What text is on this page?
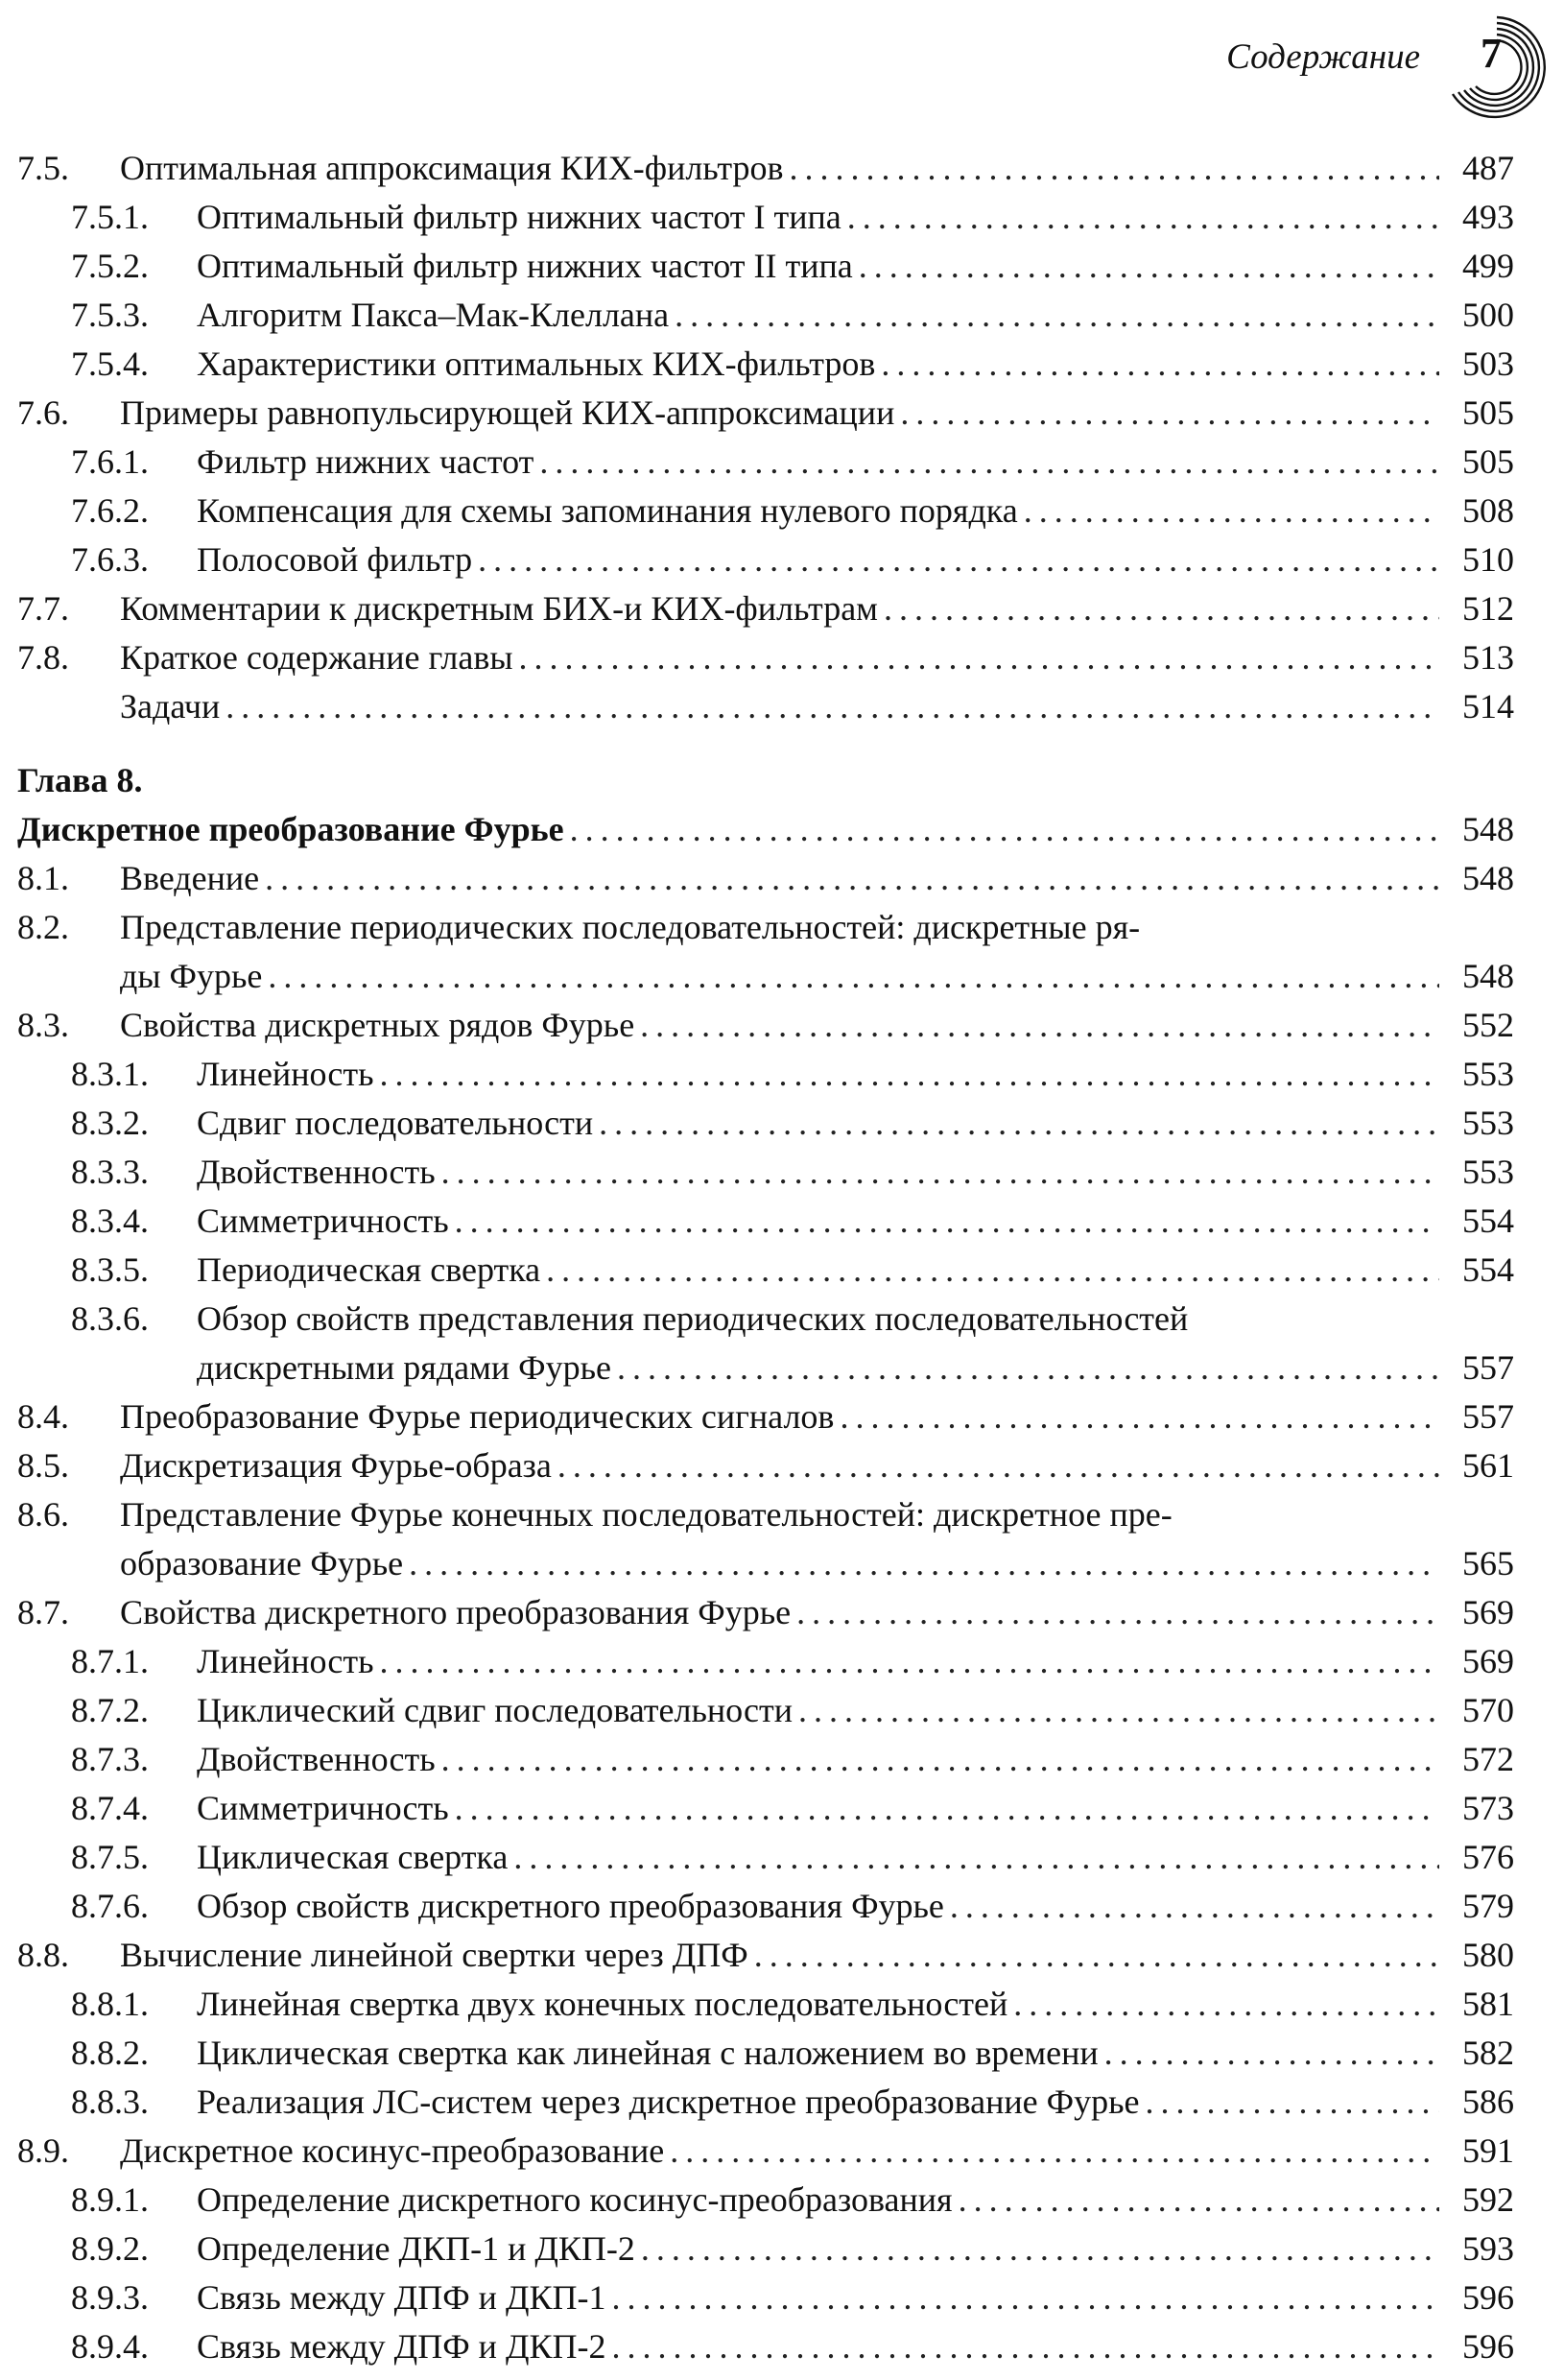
Содержание 7
7.5.	Оптимальная аппроксимация КИХ-фильтров . . .	487
7.5.1.	Оптимальный фильтр нижних частот I типа . . .	493
7.5.2.	Оптимальный фильтр нижних частот II типа . . .	499
7.5.3.	Алгоритм Пакса–Мак-Клеллана . . .	500
7.5.4.	Характеристики оптимальных КИХ-фильтров . . .	503
7.6.	Примеры равнопульсирующей КИХ-аппроксимации . . .	505
7.6.1.	Фильтр нижних частот . . .	505
7.6.2.	Компенсация для схемы запоминания нулевого порядка . . .	508
7.6.3.	Полосовой фильтр . . .	510
7.7.	Комментарии к дискретным БИХ-и КИХ-фильтрам . . .	512
7.8.	Краткое содержание главы . . .	513
Задачи . . .	514
Глава 8.
Дискретное преобразование Фурье . . .	548
8.1.	Введение . . .	548
8.2.	Представление периодических последовательностей: дискретные ря-
ды Фурье . . .	548
8.3.	Свойства дискретных рядов Фурье . . .	552
8.3.1.	Линейность . . .	553
8.3.2.	Сдвиг последовательности . . .	553
8.3.3.	Двойственность . . .	553
8.3.4.	Симметричность . . .	554
8.3.5.	Периодическая свертка . . .	554
8.3.6.	Обзор свойств представления периодических последовательностей
дискретными рядами Фурье . . .	557
8.4.	Преобразование Фурье периодических сигналов . . .	557
8.5.	Дискретизация Фурье-образа . . .	561
8.6.	Представление Фурье конечных последовательностей: дискретное пре-
образование Фурье . . .	565
8.7.	Свойства дискретного преобразования Фурье . . .	569
8.7.1.	Линейность . . .	569
8.7.2.	Циклический сдвиг последовательности . . .	570
8.7.3.	Двойственность . . .	572
8.7.4.	Симметричность . . .	573
8.7.5.	Циклическая свертка . . .	576
8.7.6.	Обзор свойств дискретного преобразования Фурье . . .	579
8.8.	Вычисление линейной свертки через ДПФ . . .	580
8.8.1.	Линейная свертка двух конечных последовательностей . . .	581
8.8.2.	Циклическая свертка как линейная с наложением во времени . . .	582
8.8.3.	Реализация ЛС-систем через дискретное преобразование Фурье . . .	586
8.9.	Дискретное косинус-преобразование . . .	591
8.9.1.	Определение дискретного косинус-преобразования . . .	592
8.9.2.	Определение ДКП-1 и ДКП-2 . . .	593
8.9.3.	Связь между ДПФ и ДКП-1 . . .	596
8.9.4.	Связь между ДПФ и ДКП-2 . . .	596
